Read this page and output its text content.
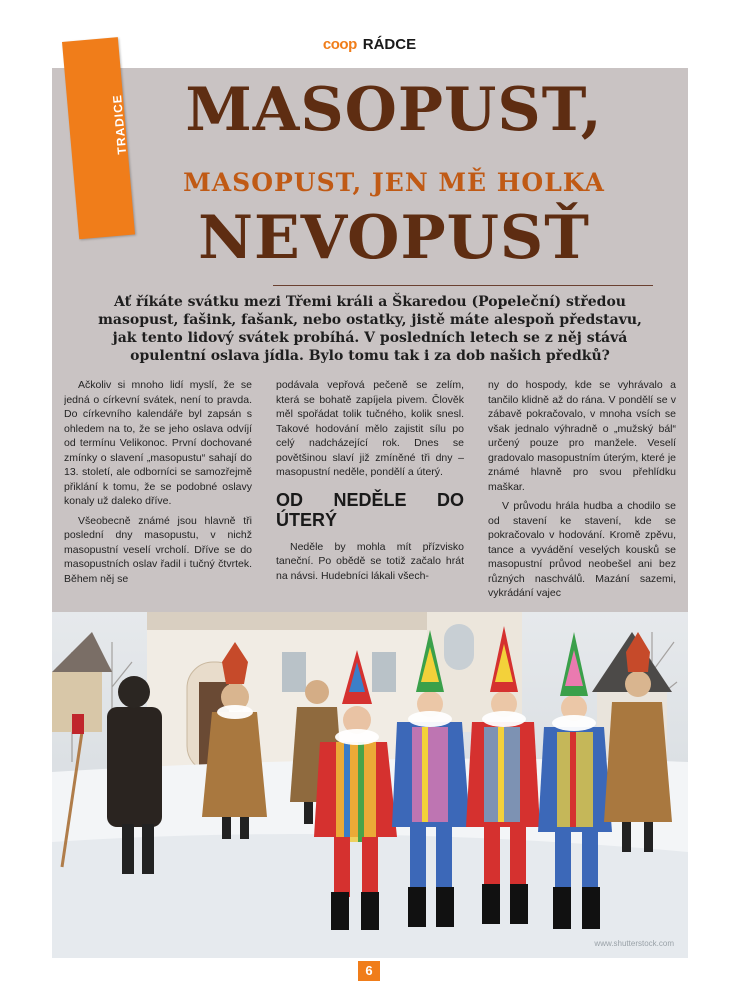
coop RÁDCE
TRADICE MASOPUST,
MASOPUST, JEN MĚ HOLKA
NEVOPUSŤ
Ať říkáte svátku mezi Třemi králi a Škaredou (Popeleční) středou masopust, fašink, fašank, nebo ostatky, jistě máte alespoň představu, jak tento lidový svátek probíhá. V posledních letech se z něj stává opulentní oslava jídla. Bylo tomu tak i za dob našich předků?

Ačkoliv si mnoho lidí myslí, že se jedná o církevní svátek, není to pravda. Do církevního kalendáře byl zapsán s ohledem na to, že se jeho oslava odvíjí od termínu Velikonoc. První dochované zmínky o slavení „masopustu“ sahají do 13. století, ale odborníci se samozřejmě přiklání k tomu, že se podobné oslavy konaly už daleko dříve.

Všeobecně známé jsou hlavně tři poslední dny masopustu, v nichž masopustní veselí vrcholí. Dříve se do masopustních oslav řadil i tučný čtvrtek. Během něj se

podávala vepřová pečeně se zelím, která se bohatě zapíjela pivem. Člověk měl spořádat tolik tučného, kolik snesl. Takové hodování mělo zajistit sílu po celý nadcházející rok. Dnes se povětšinou slaví již zmíněné tři dny – masopustní neděle, pondělí a úterý.

OD NEDĚLE DO ÚTERÝ

Neděle by mohla mít přízvisko taneční. Po obědě se totiž začalo hrát na návsi. Hudebníci lákali všech-

ny do hospody, kde se vyhrávalo a tančilo klidně až do rána. V pondělí se v zábavě pokračovalo, v mnoha vsích se však jednalo výhradně o „mužský bál“ určený pouze pro manžele. Veselí gradovalo masopustním úterým, které je známé hlavně pro svou přehlídku maškar.

V průvodu hrála hudba a chodilo se od stavení ke stavení, kde se pokračovalo v hodování. Kromě zpěvu, tance a vyvádění veselých kousků se masopustní průvod neobešel ani bez různých naschválů. Mazání sazemi, vykrádání vajec

www.shutterstock.com
6
